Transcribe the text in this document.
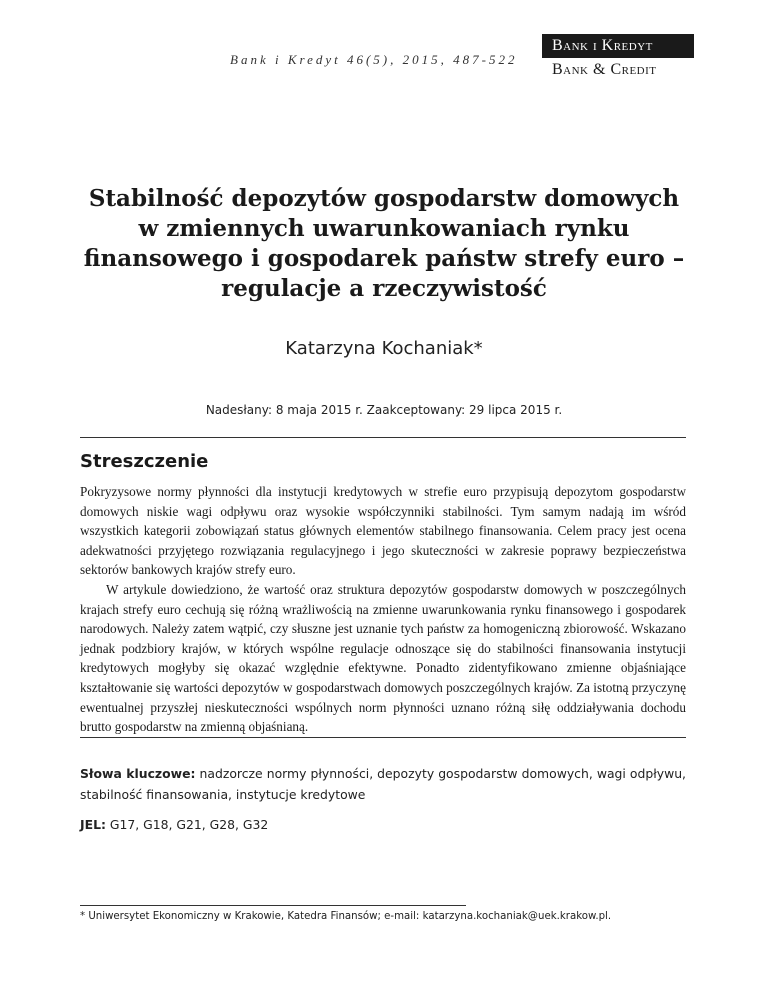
Bank i Kredyt 46(5), 2015, 487-522
Bank i Kredyt
Bank & Credit
Stabilność depozytów gospodarstw domowych
w zmiennych uwarunkowaniach rynku
finansowego i gospodarek państw strefy euro –
regulacje a rzeczywistość
Katarzyna Kochaniak*
Nadesłany: 8 maja 2015 r. Zaakceptowany: 29 lipca 2015 r.
Streszczenie

Pokryzysowe normy płynności dla instytucji kredytowych w strefie euro przypisują depozytom gospodarstw domowych niskie wagi odpływu oraz wysokie współczynniki stabilności. Tym samym nadają im wśród wszystkich kategorii zobowiązań status głównych elementów stabilnego finansowania. Celem pracy jest ocena adekwatności przyjętego rozwiązania regulacyjnego i jego skuteczności w zakresie poprawy bezpieczeństwa sektorów bankowych krajów strefy euro.

W artykule dowiedziono, że wartość oraz struktura depozytów gospodarstw domowych w poszczególnych krajach strefy euro cechują się różną wrażliwością na zmienne uwarunkowania rynku finansowego i gospodarek narodowych. Należy zatem wątpić, czy słuszne jest uznanie tych państw za homogeniczną zbiorowość. Wskazano jednak podzbiory krajów, w których wspólne regulacje odnoszące się do stabilności finansowania instytucji kredytowych mogłyby się okazać względnie efektywne. Ponadto zidentyfikowano zmienne objaśniające kształtowanie się wartości depozytów w gospodarstwach domowych poszczególnych krajów. Za istotną przyczynę ewentualnej przyszłej nieskuteczności wspólnych norm płynności uznano różną siłę oddziaływania dochodu brutto gospodarstw na zmienną objaśnianą.

Słowa kluczowe: nadzorcze normy płynności, depozyty gospodarstw domowych, wagi odpływu, stabilność finansowania, instytucje kredytowe
JEL: G17, G18, G21, G28, G32
* Uniwersytet Ekonomiczny w Krakowie, Katedra Finansów; e-mail: katarzyna.kochaniak@uek.krakow.pl.
